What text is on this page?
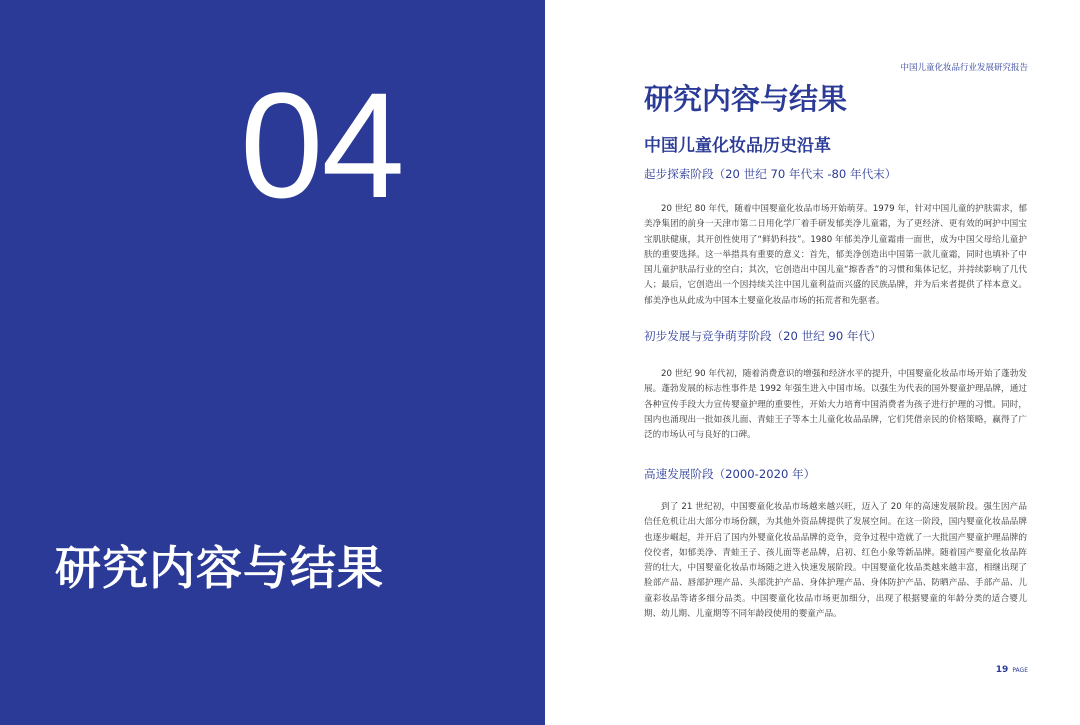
04
研究内容与结果
中国儿童化妆品行业发展研究报告
研究内容与结果
中国儿童化妆品历史沿革
起步探索阶段（20 世纪 70 年代末 -80 年代末）
20 世纪 80 年代，随着中国婴童化妆品市场开始萌芽。1979 年，针对中国儿童的护肤需求，郁美净集团的前身一天津市第二日用化学厂着手研发郁美净儿童霜，为了更经济、更有效的呵护中国宝宝肌肤健康，其开创性使用了“鲜奶科技”。1980 年郁美净儿童霜甫一面世，成为中国父母给儿童护肤的重要选择。这一举措具有重要的意义：首先，郁美净创造出中国第一款儿童霜，同时也填补了中国儿童护肤品行业的空白；其次，它创造出中国儿童“擦香香”的习惯和集体记忆，并持续影响了几代人；最后，它创造出一个因持续关注中国儿童利益而兴盛的民族品牌，并为后来者提供了样本意义。郁美净也从此成为中国本土婴童化妆品市场的拓荒者和先驱者。
初步发展与竞争萌芽阶段（20 世纪 90 年代）
20 世纪 90 年代初，随着消费意识的增强和经济水平的提升，中国婴童化妆品市场开始了蓬勃发展。蓬勃发展的标志性事件是 1992 年强生进入中国市场。以强生为代表的国外婴童护理品牌，通过各种宣传手段大力宣传婴童护理的重要性，开始大力培育中国消费者为孩子进行护理的习惯。同时，国内也涌现出一批如孩儿面、青蛙王子等本土儿童化妆品品牌，它们凭借亲民的价格策略，赢得了广泛的市场认可与良好的口碑。
高速发展阶段（2000-2020 年）
到了 21 世纪初，中国婴童化妆品市场越来越兴旺，迈入了 20 年的高速发展阶段。强生因产品信任危机让出大部分市场份额，为其他外资品牌提供了发展空间。在这一阶段，国内婴童化妆品品牌也逐步崛起，并开启了国内外婴童化妆品品牌的竞争，竞争过程中造就了一大批国产婴童护理品牌的佼佼者，如郁美净、青蛙王子、孩儿面等老品牌，启初、红色小象等新品牌。随着国产婴童化妆品阵营的壮大，中国婴童化妆品市场随之进入快速发展阶段。中国婴童化妆品类越来越丰富，相继出现了脸部产品、唇部护理产品、头部洗护产品、身体护理产品、身体防护产品、防晒产品、手部产品、儿童彩妆品等诸多细分品类。中国婴童化妆品市场更加细分，出现了根据婴童的年龄分类的适合婴儿期、幼儿期、儿童期等不同年龄段使用的婴童产品。
19 PAGE
